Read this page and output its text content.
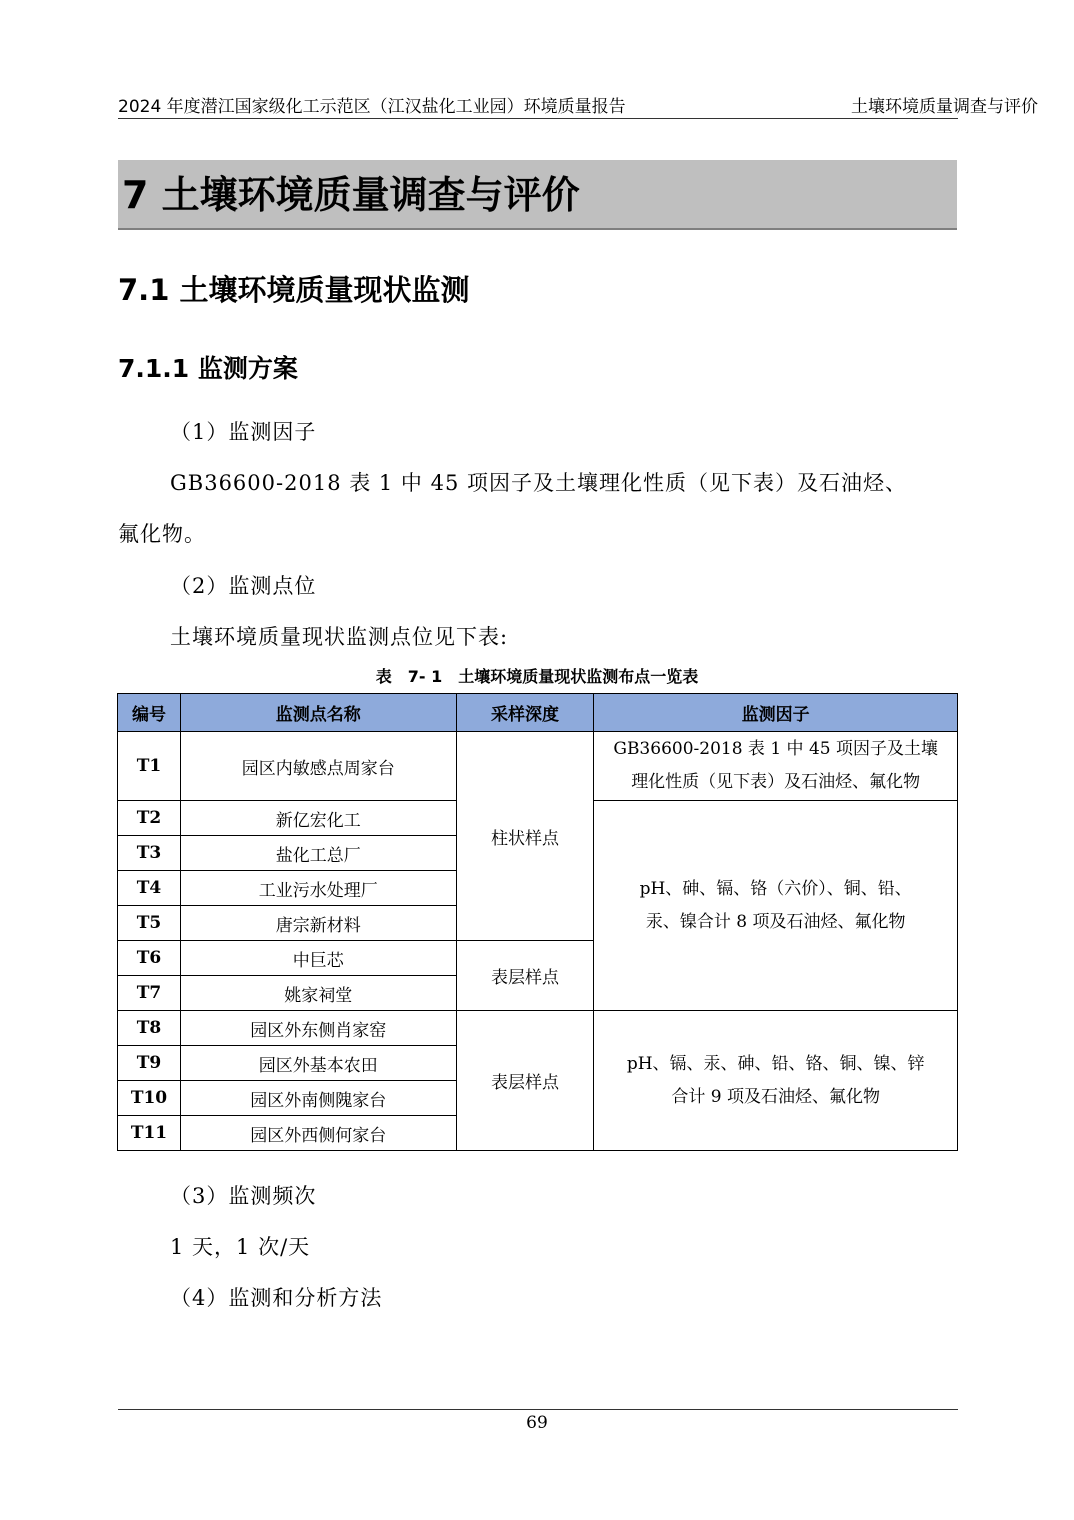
2024 年度潜江国家级化工示范区（江汉盐化工业园）环境质量报告	土壤环境质量调查与评价
7 土壤环境质量调查与评价
7.1 土壤环境质量现状监测
7.1.1 监测方案
（1）监测因子
GB36600-2018 表 1 中 45 项因子及土壤理化性质（见下表）及石油烃、
氟化物。
（2）监测点位
土壤环境质量现状监测点位见下表:
表　7- 1　土壤环境质量现状监测布点一览表
编号	监测点名称	采样深度	监测因子
T1	园区内敏感点周家台	柱状样点	GB36600-2018 表 1 中 45 项因子及土壤
理化性质（见下表）及石油烃、氟化物

T2	新亿宏化工		pH、砷、镉、铬（六价）、铜、铅、
汞、镍合计 8 项及石油烃、氟化物

T3	盐化工总厂		
T4	工业污水处理厂		
T5	唐宗新材料		
T6	中巨芯	表层样点	
T7	姚家祠堂		
T8	园区外东侧肖家窑	表层样点	pH、镉、汞、砷、铅、铬、铜、镍、锌
合计 9 项及石油烃、氟化物

T9	园区外基本农田		
T10	园区外南侧隗家台		
T11	园区外西侧何家台		
（3）监测频次
1 天，1 次/天
（4）监测和分析方法
69
